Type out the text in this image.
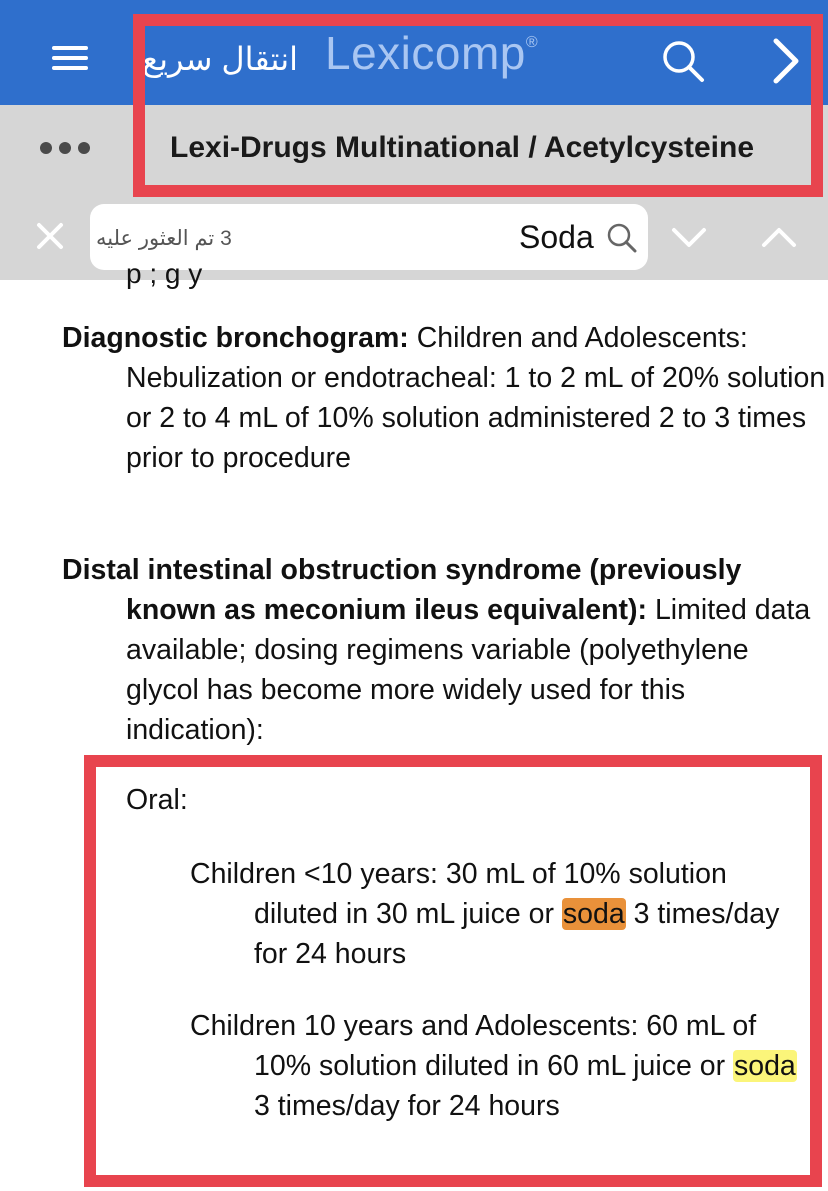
انتقال سريع Lexicomp®
Lexi-Drugs Multinational / Acetylcysteine
3 تم العثور عليه	Soda
p ; g y
Diagnostic bronchogram: Children and Adolescents: Nebulization or endotracheal: 1 to 2 mL of 20% solution or 2 to 4 mL of 10% solution administered 2 to 3 times prior to procedure
Distal intestinal obstruction syndrome (previously known as meconium ileus equivalent): Limited data available; dosing regimens variable (polyethylene glycol has become more widely used for this indication):
Oral:
Children <10 years: 30 mL of 10% solution diluted in 30 mL juice or soda 3 times/day for 24 hours
Children 10 years and Adolescents: 60 mL of 10% solution diluted in 60 mL juice or soda 3 times/day for 24 hours
